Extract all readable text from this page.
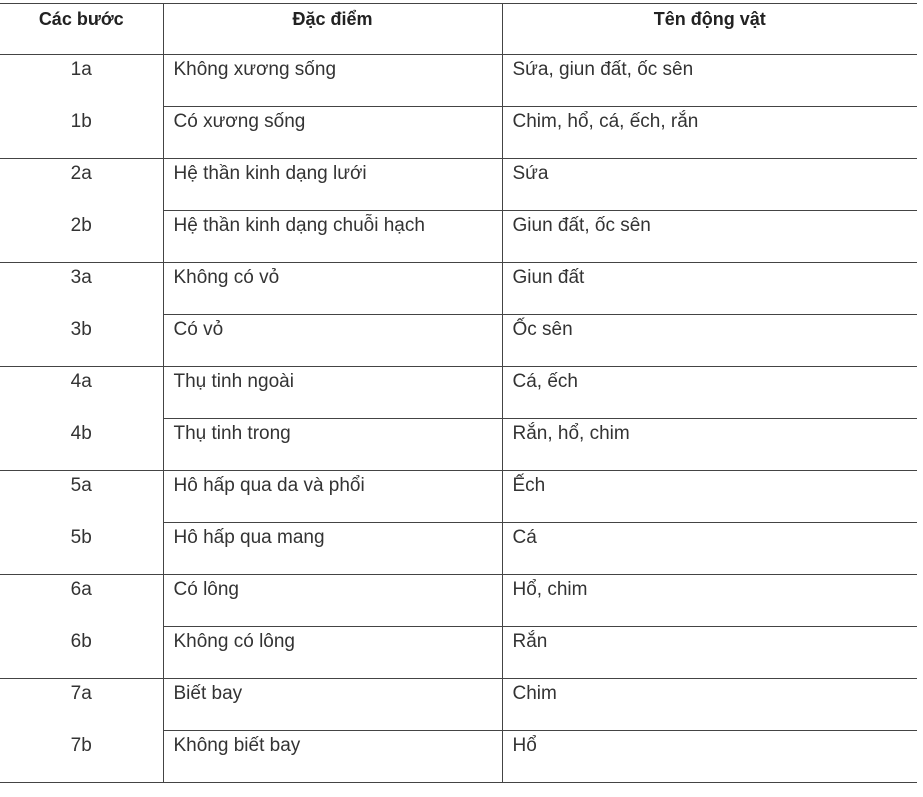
Các bước	Đặc điểm	Tên động vật
1a	Không xương sống	Sứa, giun đất, ốc sên
1b	Có xương sống	Chim, hổ, cá, ếch, rắn
2a	Hệ thần kinh dạng lưới	Sứa
2b	Hệ thần kinh dạng chuỗi hạch	Giun đất, ốc sên
3a	Không có vỏ	Giun đất
3b	Có vỏ	Ốc sên
4a	Thụ tinh ngoài	Cá, ếch
4b	Thụ tinh trong	Rắn, hổ, chim
5a	Hô hấp qua da và phổi	Ếch
5b	Hô hấp qua mang	Cá
6a	Có lông	Hổ, chim
6b	Không có lông	Rắn
7a	Biết bay	Chim
7b	Không biết bay	Hổ
